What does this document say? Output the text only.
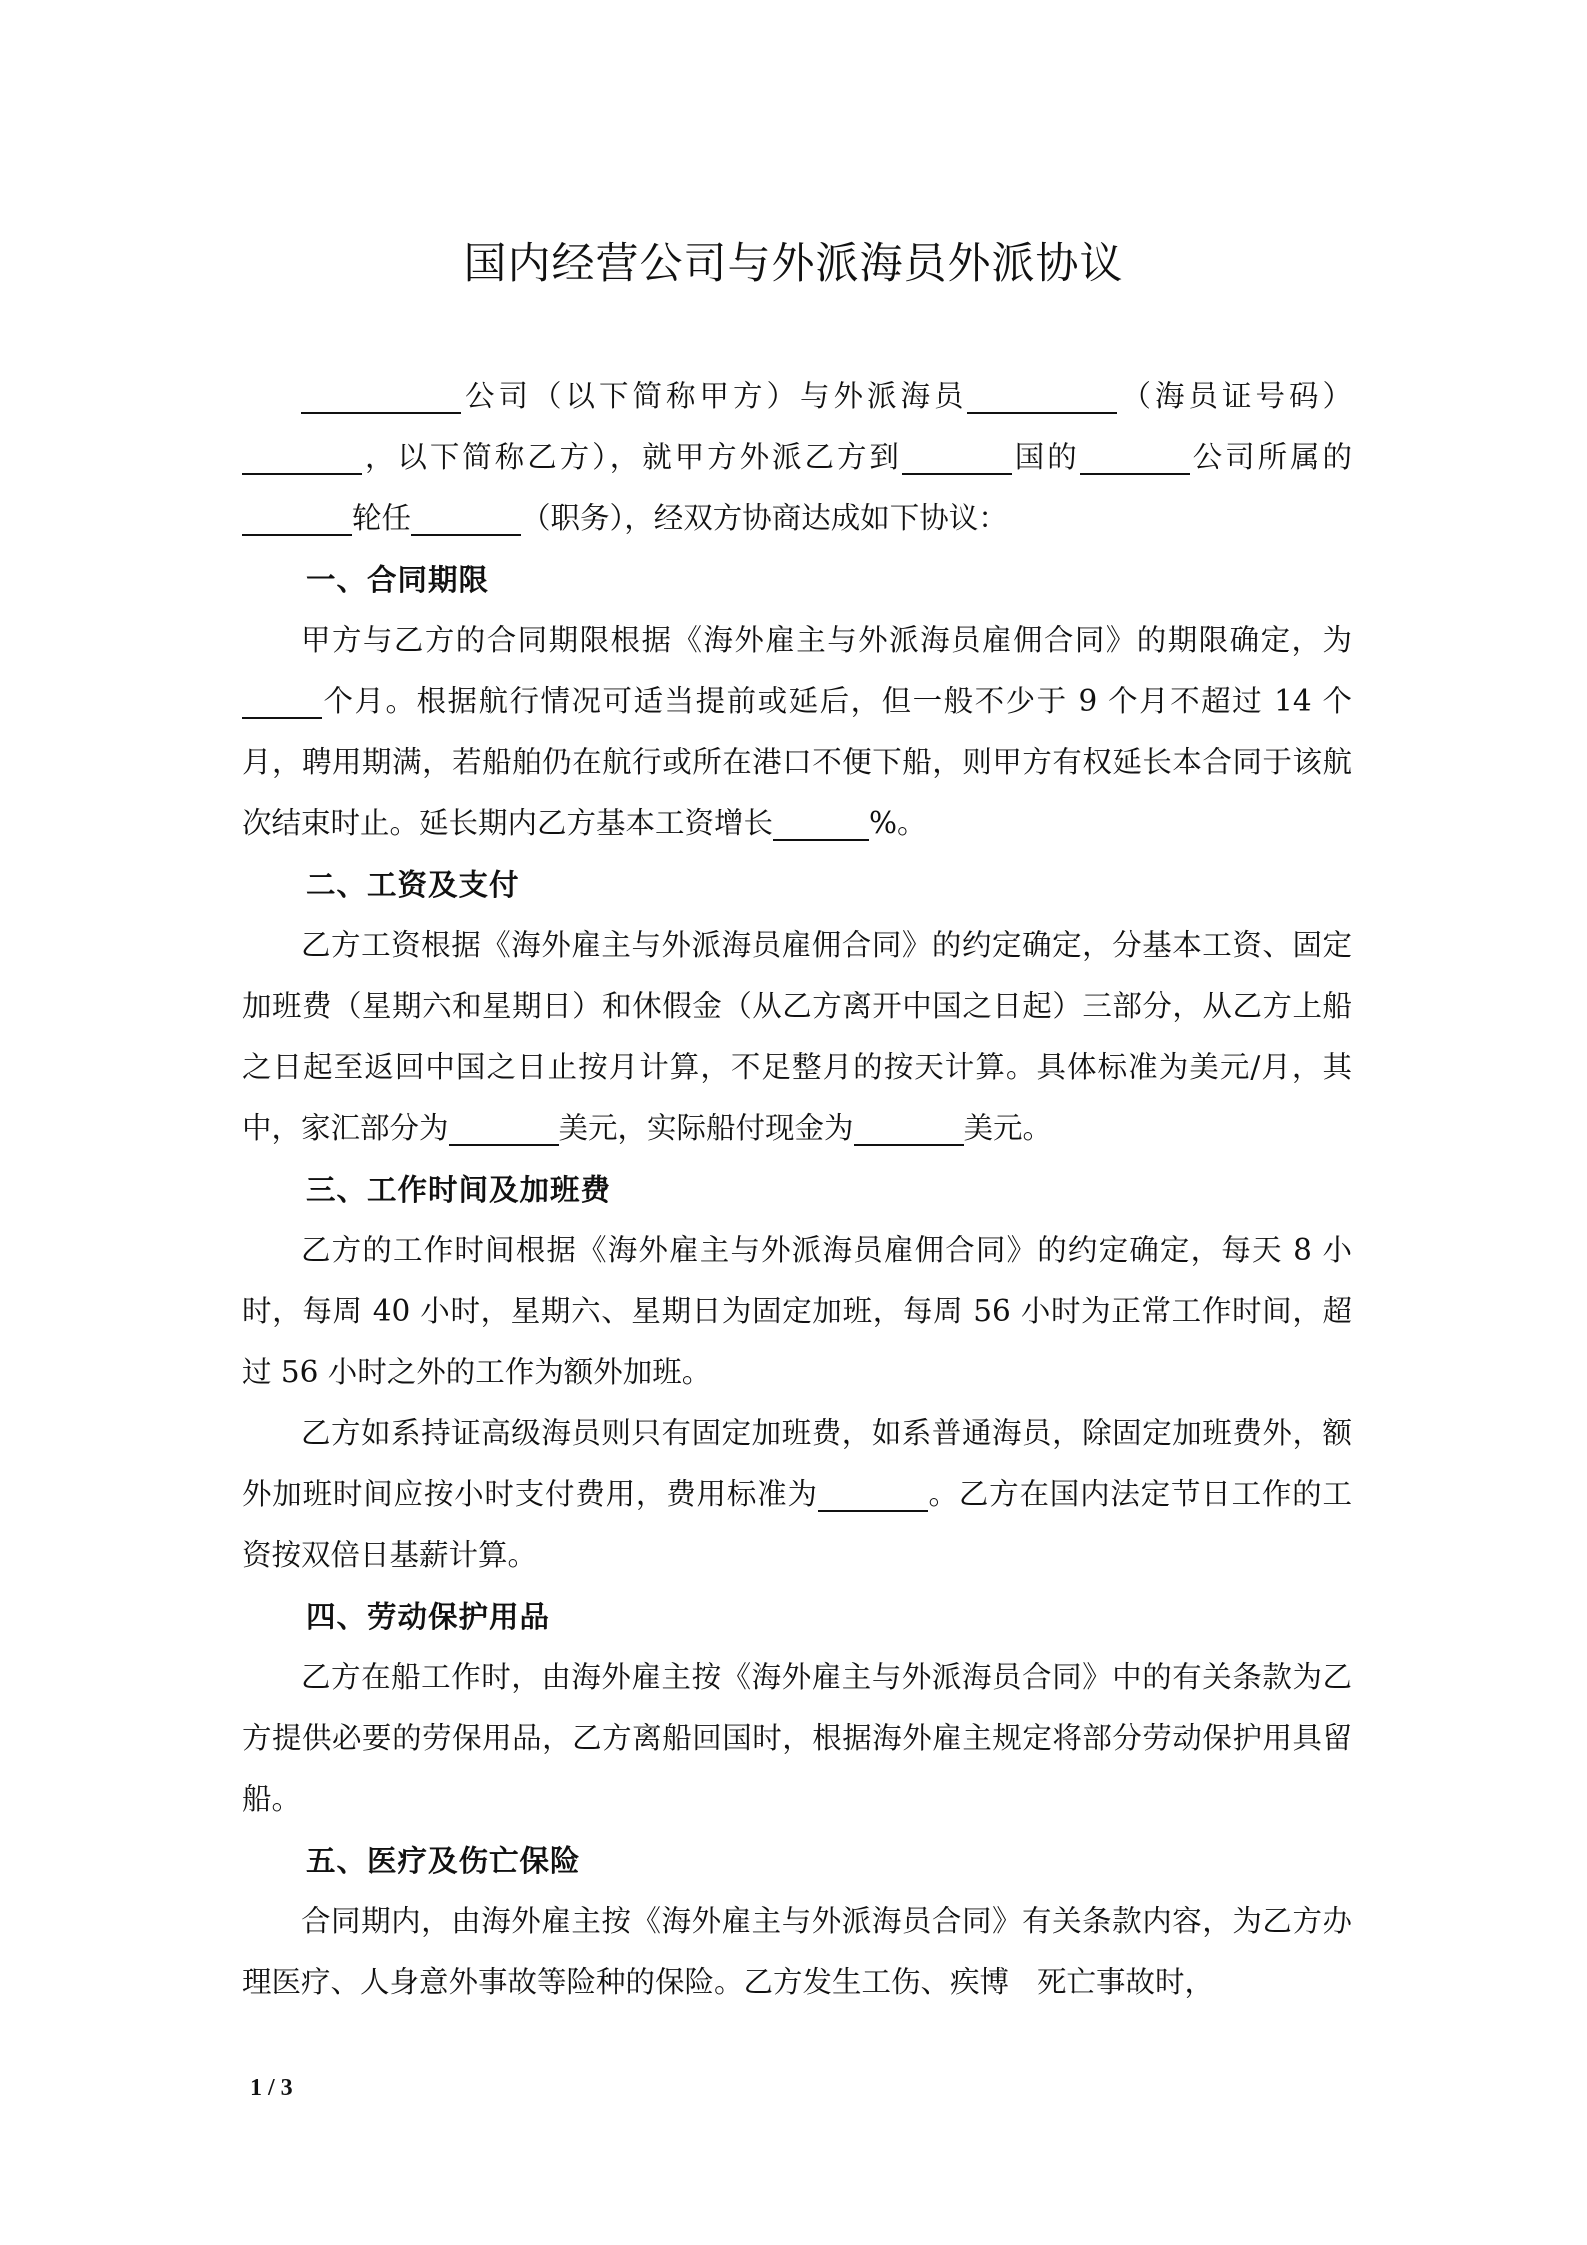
国内经营公司与外派海员外派协议

公司（以下简称甲方）与外派海员	（海员证号码），以下简称乙方），就甲方外派乙方到	国的	公司所属的轮任	（职务），经双方协商达成如下协议：

一、合同期限

甲方与乙方的合同期限根据《海外雇主与外派海员雇佣合同》的期限确定，为个月。根据航行情况可适当提前或延后，但一般不少于 9 个月不超过 14 个月，聘用期满，若船舶仍在航行或所在港口不便下船，则甲方有权延长本合同于该航次结束时止。延长期内乙方基本工资增长	%。

二、工资及支付

乙方工资根据《海外雇主与外派海员雇佣合同》的约定确定，分基本工资、固定加班费（星期六和星期日）和休假金（从乙方离开中国之日起）三部分，从乙方上船之日起至返回中国之日止按月计算，不足整月的按天计算。具体标准为美元/月，其中，家汇部分为	美元，实际船付现金为	美元。

三、工作时间及加班费

乙方的工作时间根据《海外雇主与外派海员雇佣合同》的约定确定，每天 8 小时，每周 40 小时，星期六、星期日为固定加班，每周 56 小时为正常工作时间，超过 56 小时之外的工作为额外加班。

乙方如系持证高级海员则只有固定加班费，如系普通海员，除固定加班费外，额外加班时间应按小时支付费用，费用标准为	。乙方在国内法定节日工作的工资按双倍日基薪计算。

四、劳动保护用品

乙方在船工作时，由海外雇主按《海外雇主与外派海员合同》中的有关条款为乙方提供必要的劳保用品，乙方离船回国时，根据海外雇主规定将部分劳动保护用具留船。

五、医疗及伤亡保险

合同期内，由海外雇主按《海外雇主与外派海员合同》有关条款内容，为乙方办理医疗、人身意外事故等险种的保险。乙方发生工伤、疾博 死亡事故时，

1 / 3
